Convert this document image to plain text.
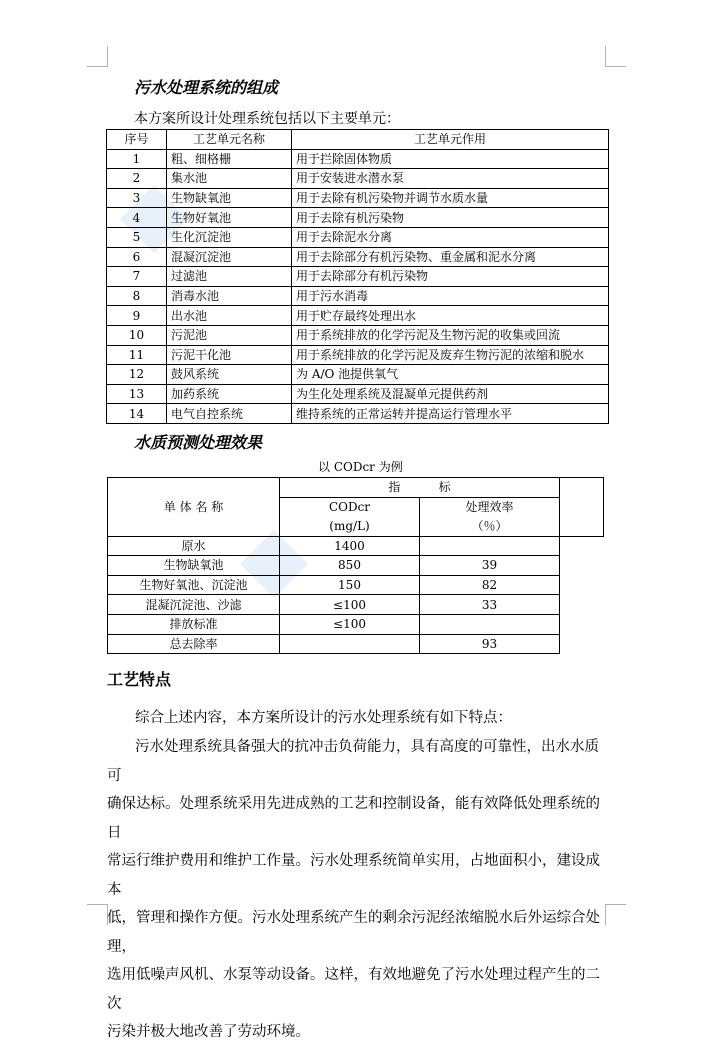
污水处理系统的组成
本方案所设计处理系统包括以下主要单元：
序号	工艺单元名称	工艺单元作用
1	粗、细格栅	用于拦除固体物质
2	集水池	用于安装进水潜水泵
3	生物缺氧池	用于去除有机污染物并调节水质水量
4	生物好氧池	用于去除有机污染物
5	生化沉淀池	用于去除泥水分离
6	混凝沉淀池	用于去除部分有机污染物、重金属和泥水分离
7	过滤池	用于去除部分有机污染物
8	消毒水池	用于污水消毒
9	出水池	用于贮存最终处理出水
10	污泥池	用于系统排放的化学污泥及生物污泥的收集或回流
11	污泥干化池	用于系统排放的化学污泥及废弃生物污泥的浓缩和脱水
12	鼓风系统	为 A/O 池提供氧气
13	加药系统	为生化处理系统及混凝单元提供药剂
14	电气自控系统	维持系统的正常运转并提高运行管理水平
水质预测处理效果
以 CODcr 为例
单 体 名 称	指          标		
	CODcr
(mg/L)	处理效率
（％）	
原水	1400		
生物缺氧池	850	39	
生物好氧池、沉淀池	150	82	
混凝沉淀池、沙滤	≤100	33	
排放标准	≤100		
总去除率		93	
工艺特点
综合上述内容，本方案所设计的污水处理系统有如下特点：
污水处理系统具备强大的抗冲击负荷能力，具有高度的可靠性，出水水质可
确保达标。处理系统采用先进成熟的工艺和控制设备，能有效降低处理系统的日
常运行维护费用和维护工作量。污水处理系统简单实用，占地面积小，建设成本
低，管理和操作方便。污水处理系统产生的剩余污泥经浓缩脱水后外运综合处理，
选用低噪声风机、水泵等动设备。这样，有效地避免了污水处理过程产生的二次
污染并极大地改善了劳动环境。
